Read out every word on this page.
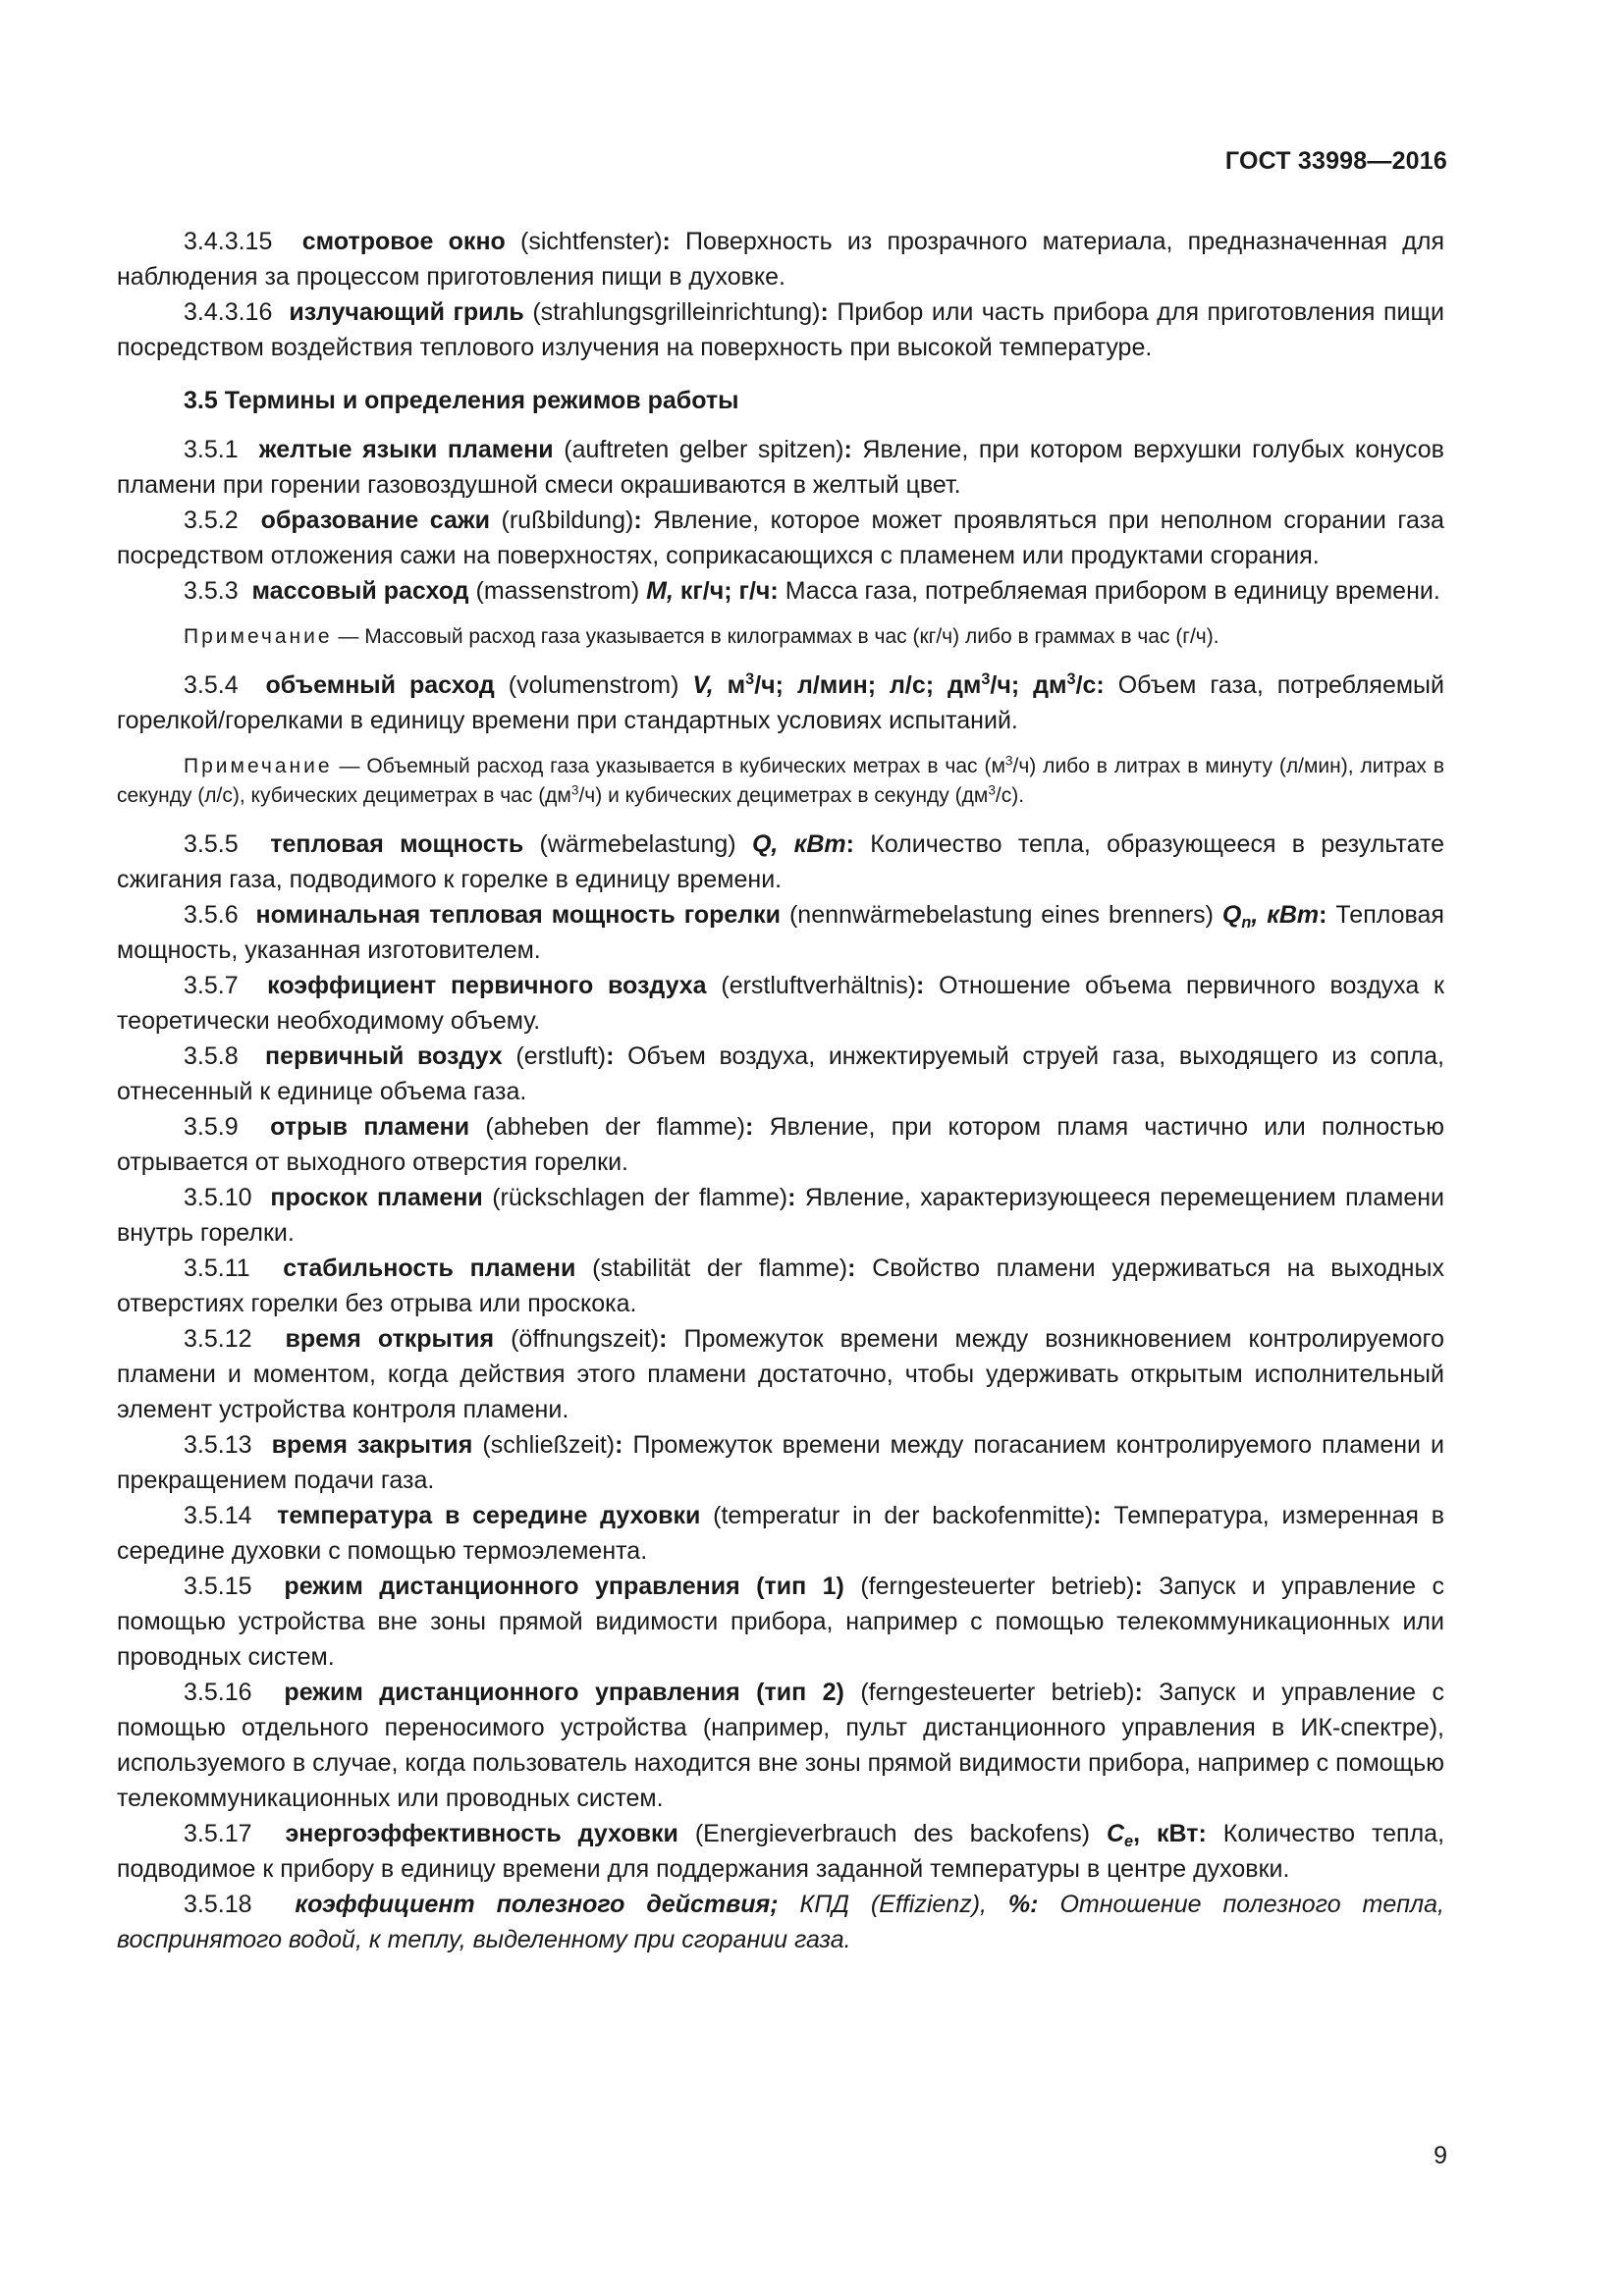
ГОСТ 33998—2016

3.4.3.15 смотровое окно (sichtfenster): Поверхность из прозрачного материала, предназначенная для наблюдения за процессом приготовления пищи в духовке.

3.4.3.16 излучающий гриль (strahlungsgrilleinrichtung): Прибор или часть прибора для приготовления пищи посредством воздействия теплового излучения на поверхность при высокой температуре.

3.5 Термины и определения режимов работы

3.5.1 желтые языки пламени (auftreten gelber spitzen): Явление, при котором верхушки голубых конусов пламени при горении газовоздушной смеси окрашиваются в желтый цвет.

3.5.2 образование сажи (rußbildung): Явление, которое может проявляться при неполном сгорании газа посредством отложения сажи на поверхностях, соприкасающихся с пламенем или продуктами сгорания.

3.5.3 массовый расход (massenstrom) M, кг/ч; г/ч: Масса газа, потребляемая прибором в единицу времени.

Примечание — Массовый расход газа указывается в килограммах в час (кг/ч) либо в граммах в час (г/ч).

3.5.4 объемный расход (volumenstrom) V, $м^3/ч$; л/мин; л/с; $дм^3/ч$; $дм^3/с$: Объем газа, потребляемый горелкой/горелками в единицу времени при стандартных условиях испытаний.

Примечание — Объемный расход газа указывается в кубических метрах в час $(м^3/ч)$ либо в литрах в минуту (л/мин), литрах в секунду (л/с), кубических дециметрах в час $(дм^3/ч)$ и кубических дециметрах в секунду $(дм^3/с)$.

3.5.5 тепловая мощность (wärmebelastung) Q, кВт: Количество тепла, образующееся в результате сжигания газа, подводимого к горелке в единицу времени.

3.5.6 номинальная тепловая мощность горелки (nennwärmebelastung eines brenners) $Q_n$, кВт: Тепловая мощность, указанная изготовителем.

3.5.7 коэффициент первичного воздуха (erstluftverhältnis): Отношение объема первичного воздуха к теоретически необходимому объему.

3.5.8 первичный воздух (erstluft): Объем воздуха, инжектируемый струей газа, выходящего из сопла, отнесенный к единице объема газа.

3.5.9 отрыв пламени (abheben der flamme): Явление, при котором пламя частично или полностью отрывается от выходного отверстия горелки.

3.5.10 проскок пламени (rückschlagen der flamme): Явление, характеризующееся перемещением пламени внутрь горелки.

3.5.11 стабильность пламени (stabilität der flamme): Свойство пламени удерживаться на выходных отверстиях горелки без отрыва или проскока.

3.5.12 время открытия (öffnungszeit): Промежуток времени между возникновением контролируемого пламени и моментом, когда действия этого пламени достаточно, чтобы удерживать открытым исполнительный элемент устройства контроля пламени.

3.5.13 время закрытия (schließzeit): Промежуток времени между погасанием контролируемого пламени и прекращением подачи газа.

3.5.14 температура в середине духовки (temperatur in der backofenmitte): Температура, измеренная в середине духовки с помощью термоэлемента.

3.5.15 режим дистанционного управления (тип 1) (ferngesteuerter betrieb): Запуск и управление с помощью устройства вне зоны прямой видимости прибора, например с помощью телекоммуникационных или проводных систем.

3.5.16 режим дистанционного управления (тип 2) (ferngesteuerter betrieb): Запуск и управление с помощью отдельного переносимого устройства (например, пульт дистанционного управления в ИК-спектре), используемого в случае, когда пользователь находится вне зоны прямой видимости прибора, например с помощью телекоммуникационных или проводных систем.

3.5.17 энергоэффективность духовки (Energieverbrauch des backofens) $C_e$, кВт: Количество тепла, подводимое к прибору в единицу времени для поддержания заданной температуры в центре духовки.

3.5.18 коэффициент полезного действия; КПД (Effizienz), %: Отношение полезного тепла, воспринятого водой, к теплу, выделенному при сгорании газа.

9
